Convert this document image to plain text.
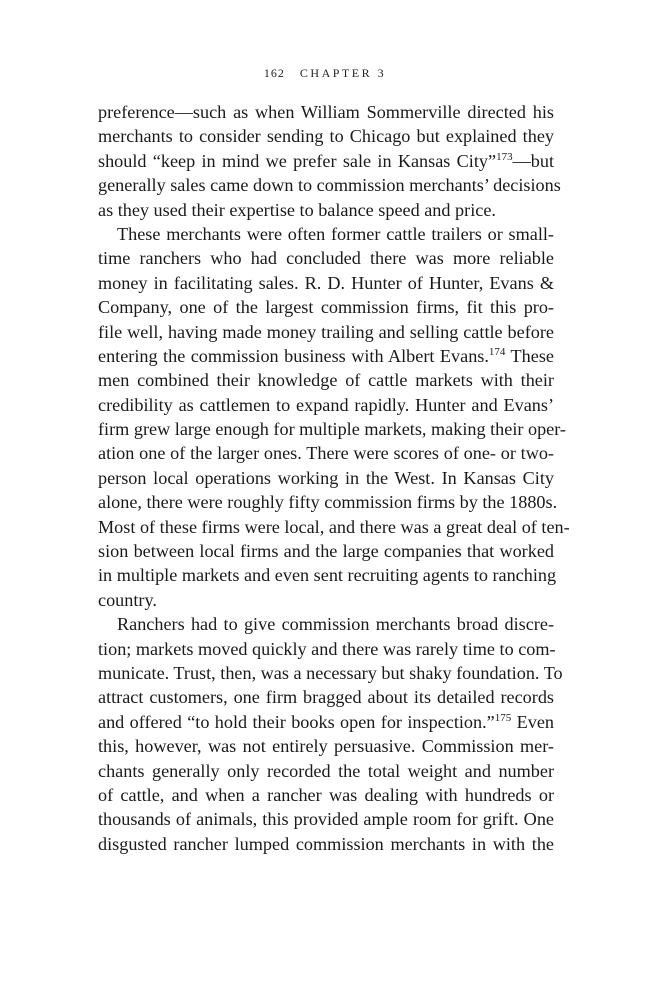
162 CHAPTER 3
preference—such as when William Sommerville directed his
merchants to consider sending to Chicago but explained they
should “keep in mind we prefer sale in Kansas City”$^{173}$—but
generally sales came down to commission merchants’ decisions
as they used their expertise to balance speed and price.
These merchants were often former cattle trailers or small-
time ranchers who had concluded there was more reliable
money in facilitating sales. R. D. Hunter of Hunter, Evans &
Company, one of the largest commission firms, fit this pro-
file well, having made money trailing and selling cattle before
entering the commission business with Albert Evans.$^{174}$ These
men combined their knowledge of cattle markets with their
credibility as cattlemen to expand rapidly. Hunter and Evans’
firm grew large enough for multiple markets, making their oper-
ation one of the larger ones. There were scores of one- or two-
person local operations working in the West. In Kansas City
alone, there were roughly fifty commission firms by the 1880s.
Most of these firms were local, and there was a great deal of ten-
sion between local firms and the large companies that worked
in multiple markets and even sent recruiting agents to ranching
country.
Ranchers had to give commission merchants broad discre-
tion; markets moved quickly and there was rarely time to com-
municate. Trust, then, was a necessary but shaky foundation. To
attract customers, one firm bragged about its detailed records
and offered “to hold their books open for inspection.”$^{175}$ Even
this, however, was not entirely persuasive. Commission mer-
chants generally only recorded the total weight and number
of cattle, and when a rancher was dealing with hundreds or
thousands of animals, this provided ample room for grift. One
disgusted rancher lumped commission merchants in with the
